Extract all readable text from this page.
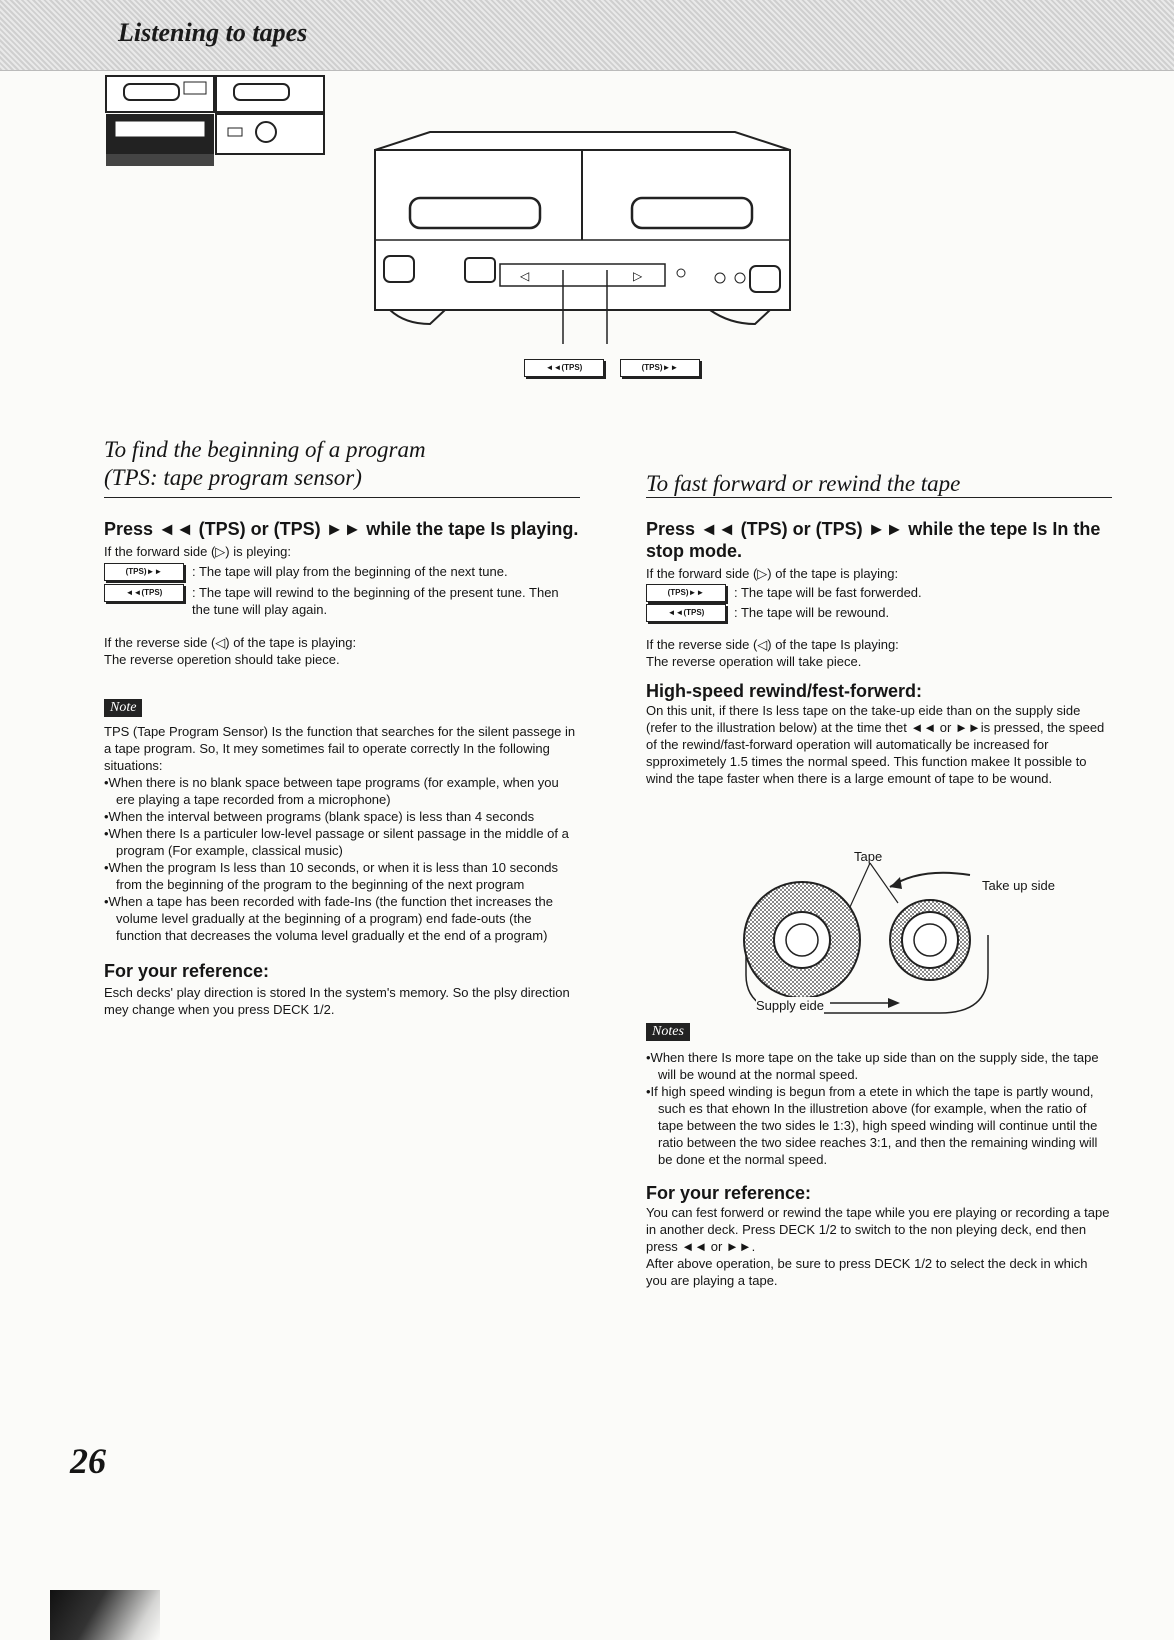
Listening to tapes
◁	▷
◄◄(TPS)	(TPS)►►
To find the beginning of a program
(TPS: tape program sensor)
Press ◄◄ (TPS) or (TPS) ►► while the tape Is playing.
If the forward side (▷) is pleying:
(TPS)►►	: The tape will play from the beginning of the next tune.
◄◄(TPS)	: The tape will rewind to the beginning of the present tune. Then the tune will play again.
If the reverse side (◁) of the tape is playing:
The reverse operetion should take piece.
Note
TPS (Tape Program Sensor) Is the function that searches for the silent passege in a tape program. So, It mey sometimes fail to operate correctly In the following situations:
•When there is no blank space between tape programs (for example, when you ere playing a tape recorded from a microphone)
•When the interval between programs (blank space) is less than 4 seconds
•When there Is a particuler low-level passage or silent passage in the middle of a program (For example, classical music)
•When the program Is less than 10 seconds, or when it is less than 10 seconds from the beginning of the program to the beginning of the next program
•When a tape has been recorded with fade-Ins (the function thet increases the volume level gradually at the beginning of a program) end fade-outs (the function that decreases the voluma level gradually et the end of a program)
For your reference:
Esch decks' play direction is stored In the system's memory. So the plsy direction mey change when you press DECK 1/2.
To fast forward or rewind the tape
Press ◄◄ (TPS) or (TPS) ►► while the tepe Is In the stop mode.
If the forward side (▷) of the tape is playing:
(TPS)►►	: The tape will be fast forwerded.
◄◄(TPS)	: The tape will be rewound.
If the reverse side (◁) of the tape Is playing:
The reverse operation will take piece.
High-speed rewind/fest-forwerd:
On this unit, if there Is less tape on the take-up eide than on the supply side (refer to the illustration below) at the time thet ◄◄ or ►►is pressed, the speed of the rewind/fast-forward operation will automatically be increased for spproximetely 1.5 times the normal speed. This function makee It possible to wind the tape faster when there is a large emount of tape to be wound.
Tape
Take up side
Supply eide
Notes
•When there Is more tape on the take up side than on the supply side, the tape will be wound at the normal speed.
•If high speed winding is begun from a etete in which the tape is partly wound, such es that ehown In the illustretion above (for example, when the ratio of tape between the two sides le 1:3), high speed winding will continue until the ratio between the two sidee reaches 3:1, and then the remaining winding will be done et the normal speed.
For your reference:
You can fest forwerd or rewind the tape while you ere playing or recording a tape in another deck. Press DECK 1/2 to switch to the non pleying deck, end then press ◄◄ or ►►.
After above operation, be sure to press DECK 1/2 to select the deck in which you are playing a tape.
26
